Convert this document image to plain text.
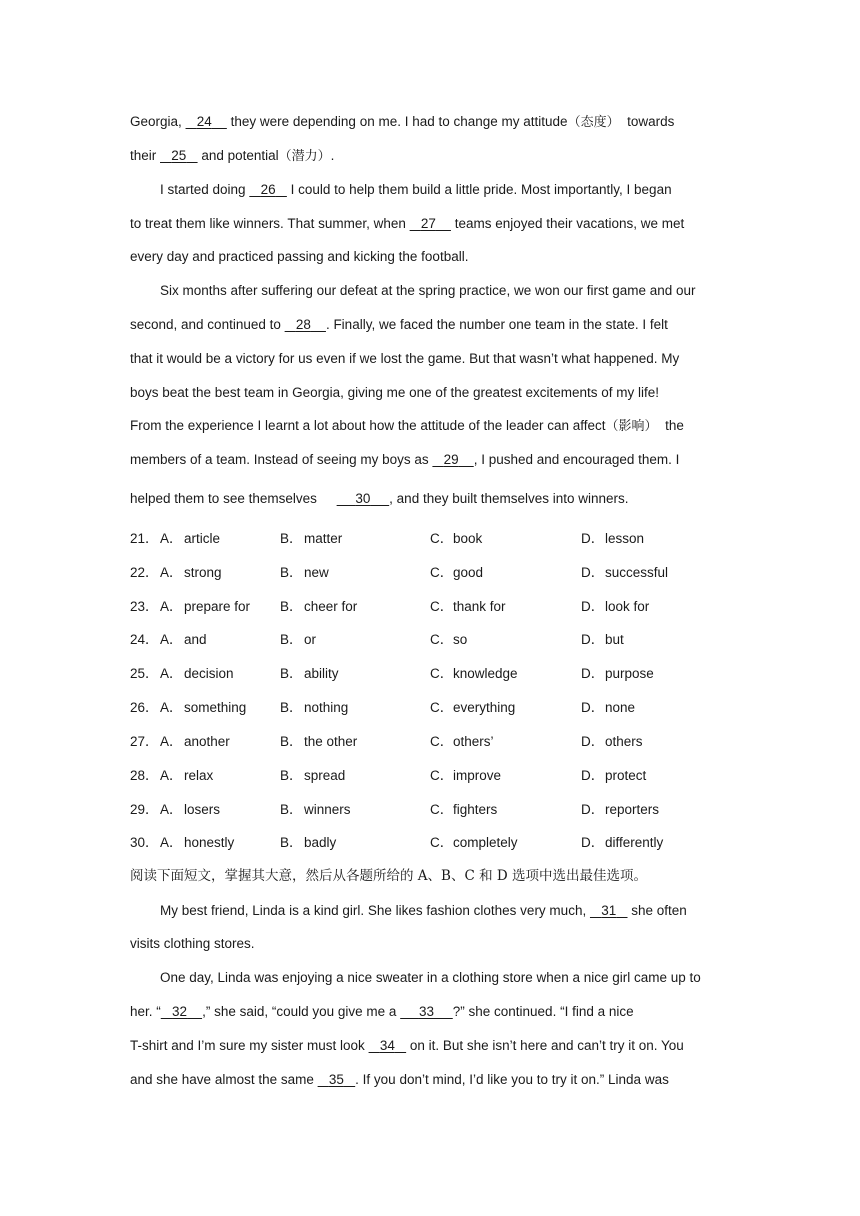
Georgia,    24     they were depending on me. I had to change my attitude（态度）  towards
their    25    and potential（潜力）.
I started doing    26    I could to help them build a little pride. Most importantly, I began
to treat them like winners. That summer, when    27     teams enjoyed their vacations, we met
every day and practiced passing and kicking the football.
Six months after suffering our defeat at the spring practice, we won our first game and our
second, and continued to    28 . Finally, we faced the number one team in the state. I felt
that it would be a victory for us even if we lost the game. But that wasn’t what happened. My
boys beat the best team in Georgia, giving me one of the greatest excitements of my life!
From the experience I learnt a lot about how the attitude of the leader can affect（影响）  the
members of a team. Instead of seeing my boys as    29 , I pushed and encouraged them. I
helped them to see themselves	30 , and they built themselves into winners.
21． A． article	B． matter	C． book	D． lesson
22． A． strong	B． new	C． good	D． successful
23． A． prepare for B． cheer for	C． thank for	D． look for
24． A． and	B． or	C． so	D． but
25． A． decision	B． ability	C． knowledge	D． purpose
26． A． something B． nothing	C． everything	D． none
27． A． another	B． the other	C． others’	D． others
28． A． relax	B． spread	C． improve	D． protect
29． A． losers	B． winners	C． fighters	D． reporters
30． A． honestly	B． badly	C． completely	D． differently
阅读下面短文，掌握其大意，然后从各题所给的 A、B、C 和 D 选项中选出最佳选项。
My best friend, Linda is a kind girl. She likes fashion clothes very much,    31    she often
visits clothing stores.
One day, Linda was enjoying a nice sweater in a clothing store when a nice girl came up to
her. “ 32 ,” she said, “could you give me a      33 ?” she continued. “I find a nice
T-shirt and I’m sure my sister must look    34    on it. But she isn’t here and can’t try it on. You
and she have almost the same    35 . If you don’t mind, I’d like you to try it on.” Linda was
